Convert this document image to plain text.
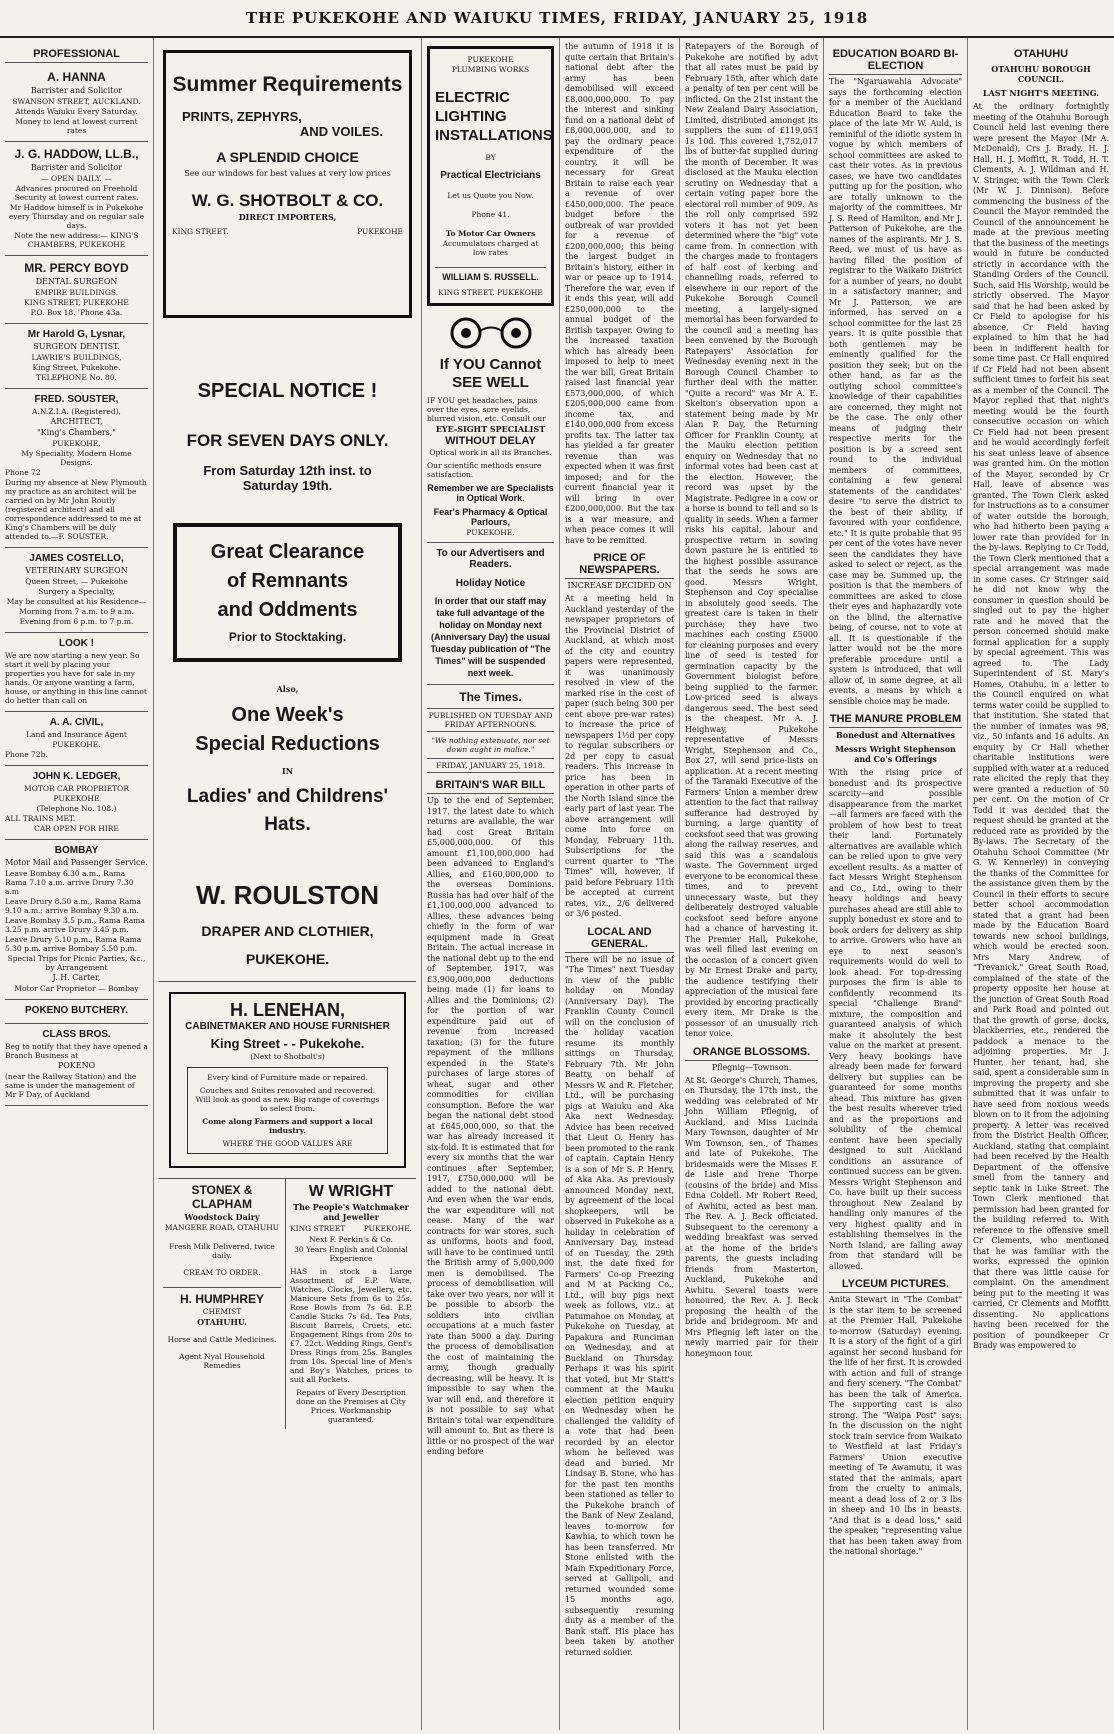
THE PUKEKOHE AND WAIUKU TIMES, FRIDAY, JANUARY 25, 1918
PROFESSIONAL
A. HANNA

Barrister and Solicitor

SWANSON STREET, AUCKLAND.

Attends Waiuku Every Saturday.

Money to lend at lowest current rates

J. G. HADDOW, LL.B.,

Barrister and Solicitor

— OPEN DAILY. —

Advances procured on Freehold Security at lowest current rates.

Mr Haddow himself is in Pukekohe every Thursday and on regular sale days.

Note the new address:— KING'S CHAMBERS, PUKEKOHE

MR. PERCY BOYD

DENTAL SURGEON

EMPIRE BUILDINGS.

KING STREET, PUKEKOHE

P.O. Box 18. 'Phone 43a.

Mr Harold G, Lysnar,

SURGEON DENTIST.

LAWRIE'S BUILDINGS,

King Street, Pukekohe.

TELEPHONE No. 80.

FRED. SOUSTER,

A.N.Z.I.A. (Registered),

ARCHITECT,

"King's Chambers,"

PUKEKOHE,

My Speciality, Modern Home Designs.

Phone 72

During my absence at New Plymouth my practice as an architect will be carried on by Mr John Routly (registered architect) and all correspondence addressed to me at King's Chambers will be duly attended to.—F. SOUSTER.

JAMES COSTELLO,

VETERINARY SURGEON

Queen Street, — Pukekohe

Surgery a Specialty,

May be consulted at his Residence—

Morning from 7 a.m. to 9 a.m.

Evening from 6 p.m. to 7 p.m.

LOOK !

We are now starting a new year. So start it well by placing your properties you have for sale in my hands. Or anyone wanting a farm, house, or anything in this line cannot do better than call on

A. A. CIVIL,

Land and Insurance Agent

PUKEKOHE.

Phone 72b.

JOHN K. LEDGER,

MOTOR CAR PROPRIETOR

PUKEKOHE

(Telephone No. 108.)

ALL TRAINS MET.

CAR OPEN FOR HIRE

BOMBAY

Motor Mail and Passenger Service.

Leave Bombay 6.30 a.m., Rama Rama 7.10 a.m. arrive Drury 7.30 a.m

Leave Drury 8.50 a.m., Rama Rama 9.10 a.m.; arrive Bombay 9.30 a.m.

Leave Bombay 3.5 p.m., Rama Rama 3.25 p.m. arrive Drury 3.45 p.m.

Leave Drury 5.10 p.m., Rama Rama 5.30 p.m. arrive Bombay 5.50 p.m.

Special Trips for Picnic Parties, &c., by Arrangement

J. H. Carter,

Motor Car Proprietor — Bombay

POKENO BUTCHERY.
CLASS BROS.

Beg to notify that they have opened a Branch Business at

POKENO

(near the Railway Station) and the same is under the management of Mr F Day, of Auckland

Summer Requirements
PRINTS, ZEPHYRS,
AND VOILES.
A SPLENDID CHOICE
See our windows for best values at very low prices
W. G. SHOTBOLT & CO.
DIRECT IMPORTERS,
KING STREET.	PUKEKOHE
SPECIAL NOTICE !
FOR SEVEN DAYS ONLY.
From Saturday 12th inst. to
Saturday 19th.
Great Clearance
of Remnants
and Oddments
Prior to Stocktaking.
Also,
One Week's
Special Reductions
IN
Ladies' and Childrens'
Hats.
W. ROULSTON
DRAPER AND CLOTHIER,
PUKEKOHE.
H. LENEHAN,
CABINETMAKER AND HOUSE FURNISHER
King Street - - Pukekohe.
(Next to Shotbolt's)
Every kind of Furniture made or repaired.
Couches and Suites renovated and recovered. Will look as good as new. Big range of coverings to select from.
Come along Farmers and support a local industry.
WHERE THE GOOD VALUES ARE
STONEX & CLAPHAM
Woodstock Dairy
MANGERE ROAD, OTAHUHU
Fresh Milk Delivered, twice daily.
CREAM TO ORDER.
H. HUMPHREY
CHEMIST
OTAHUHU.
Horse and Cattle Medicines.
Agent Nyal Household Remedies
W WRIGHT
The People's Watchmaker and Jeweller
KING STREET PUKEKOHE.
Next F. Perkin's & Co.
30 Years English and Colonial Experience
HAS in stock a Large Assortment of E.P. Ware, Watches, Clocks, Jewellery, etc. Manicure Sets from 6s to 25s. Rose Bowls from 7s 6d. E.P. Candle Sticks 7s 6d. Tea Pots, Biscuit Barrels, Cruets, etc. Engagement Rings from 20s to £7. 22ct. Wedding Rings, Gent's Dress Rings from 25s. Bangles from 10s. Special line of Men's and Boy's Watches, prices to suit all Pockets.
Repairs of Every Description done on the Premises at City Prices. Workmanship guaranteed.
PUKEKOHE
PLUMBING WORKS
ELECTRIC LIGHTING INSTALLATIONS
BY
Practical Electricians
Let us Quote you Now.
Phone 41.
To Motor Car Owners
Accumulators charged at low rates
WILLIAM S. RUSSELL.
KING STREET. PUKEKOHE
If YOU Cannot SEE WELL
IF YOU get headaches, pains over the eyes, sore eyelids, blurred vision, etc. Consult our
EYE-SIGHT SPECIALIST
WITHOUT DELAY
Optical work in all its Branches.
Our scientific methods ensure satisfaction.
Remember we are Specialists in Optical Work.
Fear's Pharmacy & Optical Parlours,
PUKEKOHE.
To our Advertisers and Readers.
Holiday Notice
In order that our staff may take full advantage of the holiday on Monday next (Anniversary Day) the usual Tuesday publication of "The Times" will be suspended next week.
The Times.
PUBLISHED ON TUESDAY AND FRIDAY AFTERNOONS.
"We nothing extenuate, nor set down aught in malice."
FRIDAY, JANUARY 25, 1918.
BRITAIN'S WAR BILL

Up to the end of September, 1917, the latest date to which returns are available, the war had cost Great Britain £5,000,000,000. Of this amount £1,100,000,000 had been advanced to England's Allies, and £160,000,000 to the overseas Dominions. Russia has had over half of the £1,100,000,000 advanced to Allies, these advances being chiefly in the form of war equipment made in Great Britain. The actual increase in the national debt up to the end of September, 1917, was £3,900,000,000 deductions being made (1) for loans to Allies and the Dominions; (2) for the portion of war expenditure paid out of revenue from increased taxation; (3) for the future repayment of the millions expended in the State's purchases of large stores of wheat, sugar and other commodities for civilian consumption. Before the war began the national debt stood at £645,000,000, so that the war has already increased it six-fold. It is estimated that for every six months that the war continues after September, 1917, £750,000,000 will be added to the national debt. And even when the war ends, the war expenditure will not cease. Many of the war contracts for war stores, such as uniforms, boots and food, will have to be continued until the British army of 5,000,000 men is demobilised. The process of demobilisation will take over two years, nor will it be possible to absorb the soldiers into civilian occupations at a much faster rate than 5000 a day. During the process of demobilisation the cost of maintaining the army, though gradually decreasing, will be heavy. It is impossible to say when the war will end, and therefore it is not possible to say what Britain's total war expenditure will amount to. But as there is little or no prospect of the war ending before

the autumn of 1918 it is quite certain that Britain's national debt after the army has been demobilised will exceed £8,000,000,000. To pay the interest and sinking fund on a national debt of £8,000,000,000, and to pay the ordinary peace expenditure of the country, it will be necessary for Great Britain to raise each year a revenue of over £450,000,000. The peace budget before the outbreak of war provided for a revenue of £200,000,000; this being the largest budget in Britain's history, either in war or peace up to 1914. Therefore the war, even if it ends this year, will add £250,000,000 to the annual budget of the British taxpayer. Owing to the increased taxation which has already been imposed to help to meet the war bill, Great Britain raised last financial year £573,000,000, of which £205,000,000 came from income tax, and £140,000,000 from excess profits tax. The latter tax has yielded a far greater revenue than was expected when it was first imposed; and for the current financial year it will bring in over £200,000,000. But the tax is a war measure, and when peace comes it will have to be remitted.

PRICE OF NEWSPAPERS.
INCREASE DECIDED ON

At a meeting held in Auckland yesterday of the newspaper proprietors of the Provincial District of Auckland, at which most of the city and country papers were represented, it was unanimously resolved in view of the marked rise in the cost of paper (such being 300 per cent above pre-war rates) to increase the price of newspapers 1½d per copy to regular subscribers or 2d per copy to casual readers. This increase in price has been in operation in other parts of the North Island since the early part of last year. The above arrangement will come into force on Monday, February 11th. Subscriptions for the current quarter to "The Times" will, however, if paid before February 11th be accepted at current rates, viz., 2/6 delivered or 3/6 posted.

LOCAL AND GENERAL.

There will be no issue of "The Times" next Tuesday in view of the public holiday on Monday (Anniversary Day). The Franklin County Council will on the conclusion of the holiday vacation resume its monthly sittings on Thursday, February 7th. Mr John Beatty, on behalf of Messrs W. and R. Fletcher, Ltd., will be purchasing pigs at Waiuku and Aka Aka next Wednesday. Advice has been received that Lieut O. Henry has been promoted to the rank of captain. Captain Henry is a son of Mr S. P. Henry, of Aka Aka. As previously announced Monday next, by agreement of the local shopkeepers, will be observed in Pukekohe as a holiday in celebration of Anniversary Day, instead of on Tuesday, the 29th inst. the date fixed for Farmers' Co-op Freezing and M at Packing Co., Ltd., will buy pigs next week as follows, viz.: at Patumahoe on Monday, at Pukekohe on Tuesday, at Papakura and Runciman on Wednesday, and at Buckland on Thursday. Perhaps it was his spirit that voted, but Mr Statt's comment at the Mauku election petition enquiry on Wednesday when he challenged the validity of a vote that had been recorded by an elector whom he believed was dead and buried. Mr Lindsay B. Stone, who has for the past ten months been stationed as teller to the Pukekohe branch of the Bank of New Zealand, leaves to-morrow for Kawhia, to which town he has been transferred. Mr Stone enlisted with the Main Expeditionary Force, served at Gallipoli, and returned wounded some 15 months ago, subsequently resuming duty as a member of the Bank staff. His place has been taken by another returned soldier.

Ratepayers of the Borough of Pukekohe are notified by advt that all rates must be paid by February 15th, after which date a penalty of ten per cent will be inflicted. On the 21st instant the New Zealand Dairy Association, Limited, distributed amongst its suppliers the sum of £119,053 1s 10d. This covered 1,752,017 lbs of butter-fat supplied during the month of December. It was disclosed at the Mauku election scrutiny on Wednesday that a certain voting paper bore the electoral roll number of 909. As the roll only comprised 592 voters it has not yet been determined where the "big" vote came from. In connection with the charges made to frontagers of half cost of kerbing and channelling roads, referred to elsewhere in our report of the Pukekohe Borough Council meeting, a largely-signed memorial has been forwarded to the council and a meeting has been convened by the Borough Ratepayers' Association for Wednesday evening next in the Borough Council Chamber to further deal with the matter. "Quite a record" was Mr A. E. Skelton's observation upon a statement being made by Mr Alan P. Day, the Returning Officer for Franklin County, at the Mauku election petition enquiry on Wednesday that no informal votes had been cast at the election. However, the record was upset by the Magistrate. Pedigree in a cow or a horse is bound to tell and so is quality in seeds. When a farmer risks his capital, labour and prospective return in sowing down pasture he is entitled to the highest possible assurance that the seeds he sows are good. Messrs Wright, Stephenson and Coy specialise in absolutely good seeds. The greatest care is taken in their purchase; they have two machines each costing £5000 for cleaning purposes and every line of seed is tested for germination capacity by the Government biologist before being supplied to the farmer. Low-priced seed is always dangerous seed. The best seed is the cheapest. Mr A. J. Heighway, Pukekohe representative of Messrs Wright, Stephenson and Co., Box 27, will send price-lists on application. At a recent meeting of the Taranaki Executive of the Farmers' Union a member drew attention to the fact that railway sufferance had destroyed by burning, a large quantity of cocksfoot seed that was growing along the railway reserves, and said this was a scandalous waste. The Government urged everyone to be economical these times, and to prevent unnecessary waste, but they deliberately destroyed valuable cocksfoot seed before anyone had a chance of harvesting it. The Premier Hall, Pukekohe, was well filled last evening on the occasion of a concert given by Mr Ernest Drake and party, the audience testifying their appreciation of the musical fare provided by encoring practically every item. Mr Drake is the possessor of an unusually rich tenor voice.

ORANGE BLOSSOMS.
Pflegnig—Townson.

At St. George's Church, Thames, on Thursday, the 17th inst., the wedding was celebrated of Mr John William Pflegnig, of Auckland, and Miss Lucinda Mary Townson, daughter of Mr Wm Townson, sen., of Thames and late of Pukekohe. The bridesmaids were the Misses F. de Lisle and Irene Thorpe (cousins of the bride) and Miss Edna Coldell. Mr Robert Reed, of Awhitu, acted as best man. The Rev. A. J. Beck officiated. Subsequent to the ceremony a wedding breakfast was served at the home of the bride's parents, the guests including friends from Masterton, Auckland, Pukekohe and Awhitu. Several toasts were honoured, the Rev. A. J. Beck proposing the health of the bride and bridegroom. Mr and Mrs Pflegnig left later on the newly married pair for their honeymoon tour.

EDUCATION BOARD BI-ELECTION

The "Ngaruawahia Advocate" says the forthcoming election for a member of the Auckland Education Board to take the place of the late Mr W. Auld, is reminiful of the idiotic system in vogue by which members of school committees are asked to cast their votes. As in previous cases, we have two candidates putting up for the position, who are totally unknown to the majority of the committees. Mr J. S. Reed of Hamilton, and Mr J. Patterson of Pukekohe, are the names of the aspirants. Mr J. S. Reed, we must of us have as having filled the position of registrar to the Waikato District for a number of years, no doubt in a satisfactory manner; and Mr J. Patterson, we are informed, has served on a school committee for the last 25 years. It is quite possible that both gentlemen may be eminently qualified for the position they seek; but on the other hand, as far as the outlying school committee's knowledge of their capabilities are concerned, they might not be the case. The only other means of judging their respective merits for the position is by a screed sent round to the individual members of committees, containing a few general statements of the candidates' desire "to serve the district to the best of their ability, if favoured with your confidence, etc." It is quite probable that 95 per cent of the votes have never seen the candidates they have asked to select or reject, as the case may be. Summed up, the position is that the members of committees are asked to close their eyes and haphazardly vote on the blind, the alternative being, of course, not to vote at all. It is questionable if the latter would not be the more preferable procedure until a system is introduced, that will allow of, in some degree, at all events, a means by which a sensible choice may be made.

THE MANURE PROBLEM
Bonedust and Alternatives
Messrs Wright Stephenson and Co's Offerings

With the rising price of bonedust and its prospective scarcity—and possible disappearance from the market—all farmers are faced with the problem of how best to treat their land. Fortunately alternatives are available which can be relied upon to give very excellent results. As a matter of fact Messrs Wright Stephenson and Co., Ltd., owing to their heavy holdings and heavy purchases ahead are still able to supply bonedust ex store and to book orders for delivery as ship to arrive. Growers who have an eye to next season's requirements would do well to look ahead. For top-dressing purposes the firm is able to confidently recommend its special "Challenge Brand" mixture, the composition and guaranteed analysis of which make it absolutely the best value on the market at present. Very heavy bookings have already been made for forward delivery but supplies can be guaranteed for some months ahead. This mixture has given the best results wherever tried and as the proportions and solubility of the chemical content have been specially designed to suit Auckland conditions an assurance of continued success can be given. Messrs Wright Stephenson and Co. have built up their success throughout New Zealand by handling only manures of the very highest quality and in establishing themselves in the North Island, are falling away from that standard will be allowed.

LYCEUM PICTURES.

Anita Stewart in "The Combat" is the star item to be screened at the Premier Hall, Pukekohe to-morrow (Saturday) evening. It is a story of the fight of a girl against her second husband for the life of her first. It is crowded with action and full of strange and fiery scenery. "The Combat" has been the talk of America. The supporting cast is also strong. The "Waipa Post" says: In the discussion on the night stock train service from Waikato to Westfield at last Friday's Farmers' Union executive meeting of Te Awamutu, it was stated that the animals, apart from the cruelty to animals, meant a dead loss of 2 or 3 lbs in sheep and 10 lbs in beasts. "And that is a dead loss," said the speaker, "representing value that has been taken away from the national shortage."

OTAHUHU
OTAHUHU BOROUGH COUNCIL.
LAST NIGHT'S MEETING.

At the ordinary fortnightly meeting of the Otahuhu Borough Council held last evening there were present the Mayor (Mr A. McDonald), Crs J. Brady, H. J. Hall, H. J. Moffitt, R. Todd, H. T. Clements, A. J. Wildman and H. V. Stringer, with the Town Clerk (Mr W. J. Dinnison). Before commencing the business of the Council the Mayor reminded the Council of the announcement he made at the previous meeting that the business of the meetings would in future be conducted strictly in accordance with the Standing Orders of the Council. Such, said His Worship, would be strictly observed. The Mayor said that he had been asked by Cr Field to apologise for his absence, Cr Field having explained to him that he had been in indifferent health for some time past. Cr Hall enquired if Cr Field had not been absent sufficient times to forfeit his seat as a member of the Council. The Mayor replied that that night's meeting would be the fourth consecutive occasion on which Cr Field had not been present and he would accordingly forfeit his seat unless leave of absence was granted him. On the motion of the Mayor, seconded by Cr Hall, leave of absence was granted. The Town Clerk asked for instructions as to a consumer of water outside the borough, who had hitherto been paying a lower rate than provided for in the by-laws. Replying to Cr Todd, the Town Clerk mentioned that a special arrangement was made in some cases. Cr Stringer said he did not know why the consumer in question should be singled out to pay the higher rate and he moved that the person concerned should make formal application for a supply by special agreement. This was agreed to. The Lady Superintendent of St. Mary's Homes, Otahuhu, in a letter to the Council enquired on what terms water could be supplied to that institution. She stated that the number of inmates was 98, viz., 50 infants and 16 adults. An enquiry by Cr Hall whether charitable institutions were supplied with water at a reduced rate elicited the reply that they were granted a reduction of 50 per cent. On the motion of Cr Todd it was decided that the request should be granted at the reduced rate as provided by the By-laws. The Secretary of the Otahuhu School Committee (Mr G. W. Kennerley) in conveying the thanks of the Committee for the assistance given them by the Council in their efforts to secure better school accommodation stated that a grant had been made by the Education Board towards new school buildings, which would be erected soon. Mrs Mary Andrew, of "Trevanick," Great South Road, complained of the state of the property opposite her house at the junction of Great South Road and Park Road and pointed out that the growth of gorse, docks, blackberries, etc., rendered the paddock a menace to the adjoining properties. Mr J. Hunter, her tenant, had, she said, spent a considerable sum in improving the property and she submitted that it was unfair to have seed from noxious weeds blown on to it from the adjoining property. A letter was received from the District Health Officer, Auckland, stating that complaint had been received by the Health Department of the offensive smell from the tannery and septic tank in Luke Street. The Town Clerk mentioned that permission had been granted for the building referred to. With reference to the offensive smell Cr Clements, who mentioned that he was familiar with the works, expressed the opinion that there was little cause for complaint. On the amendment being put to the meeting it was carried, Cr Clements and Moffitt dissenting. No applications having been received for the position of poundkeeper Cr Brady was empowered to
